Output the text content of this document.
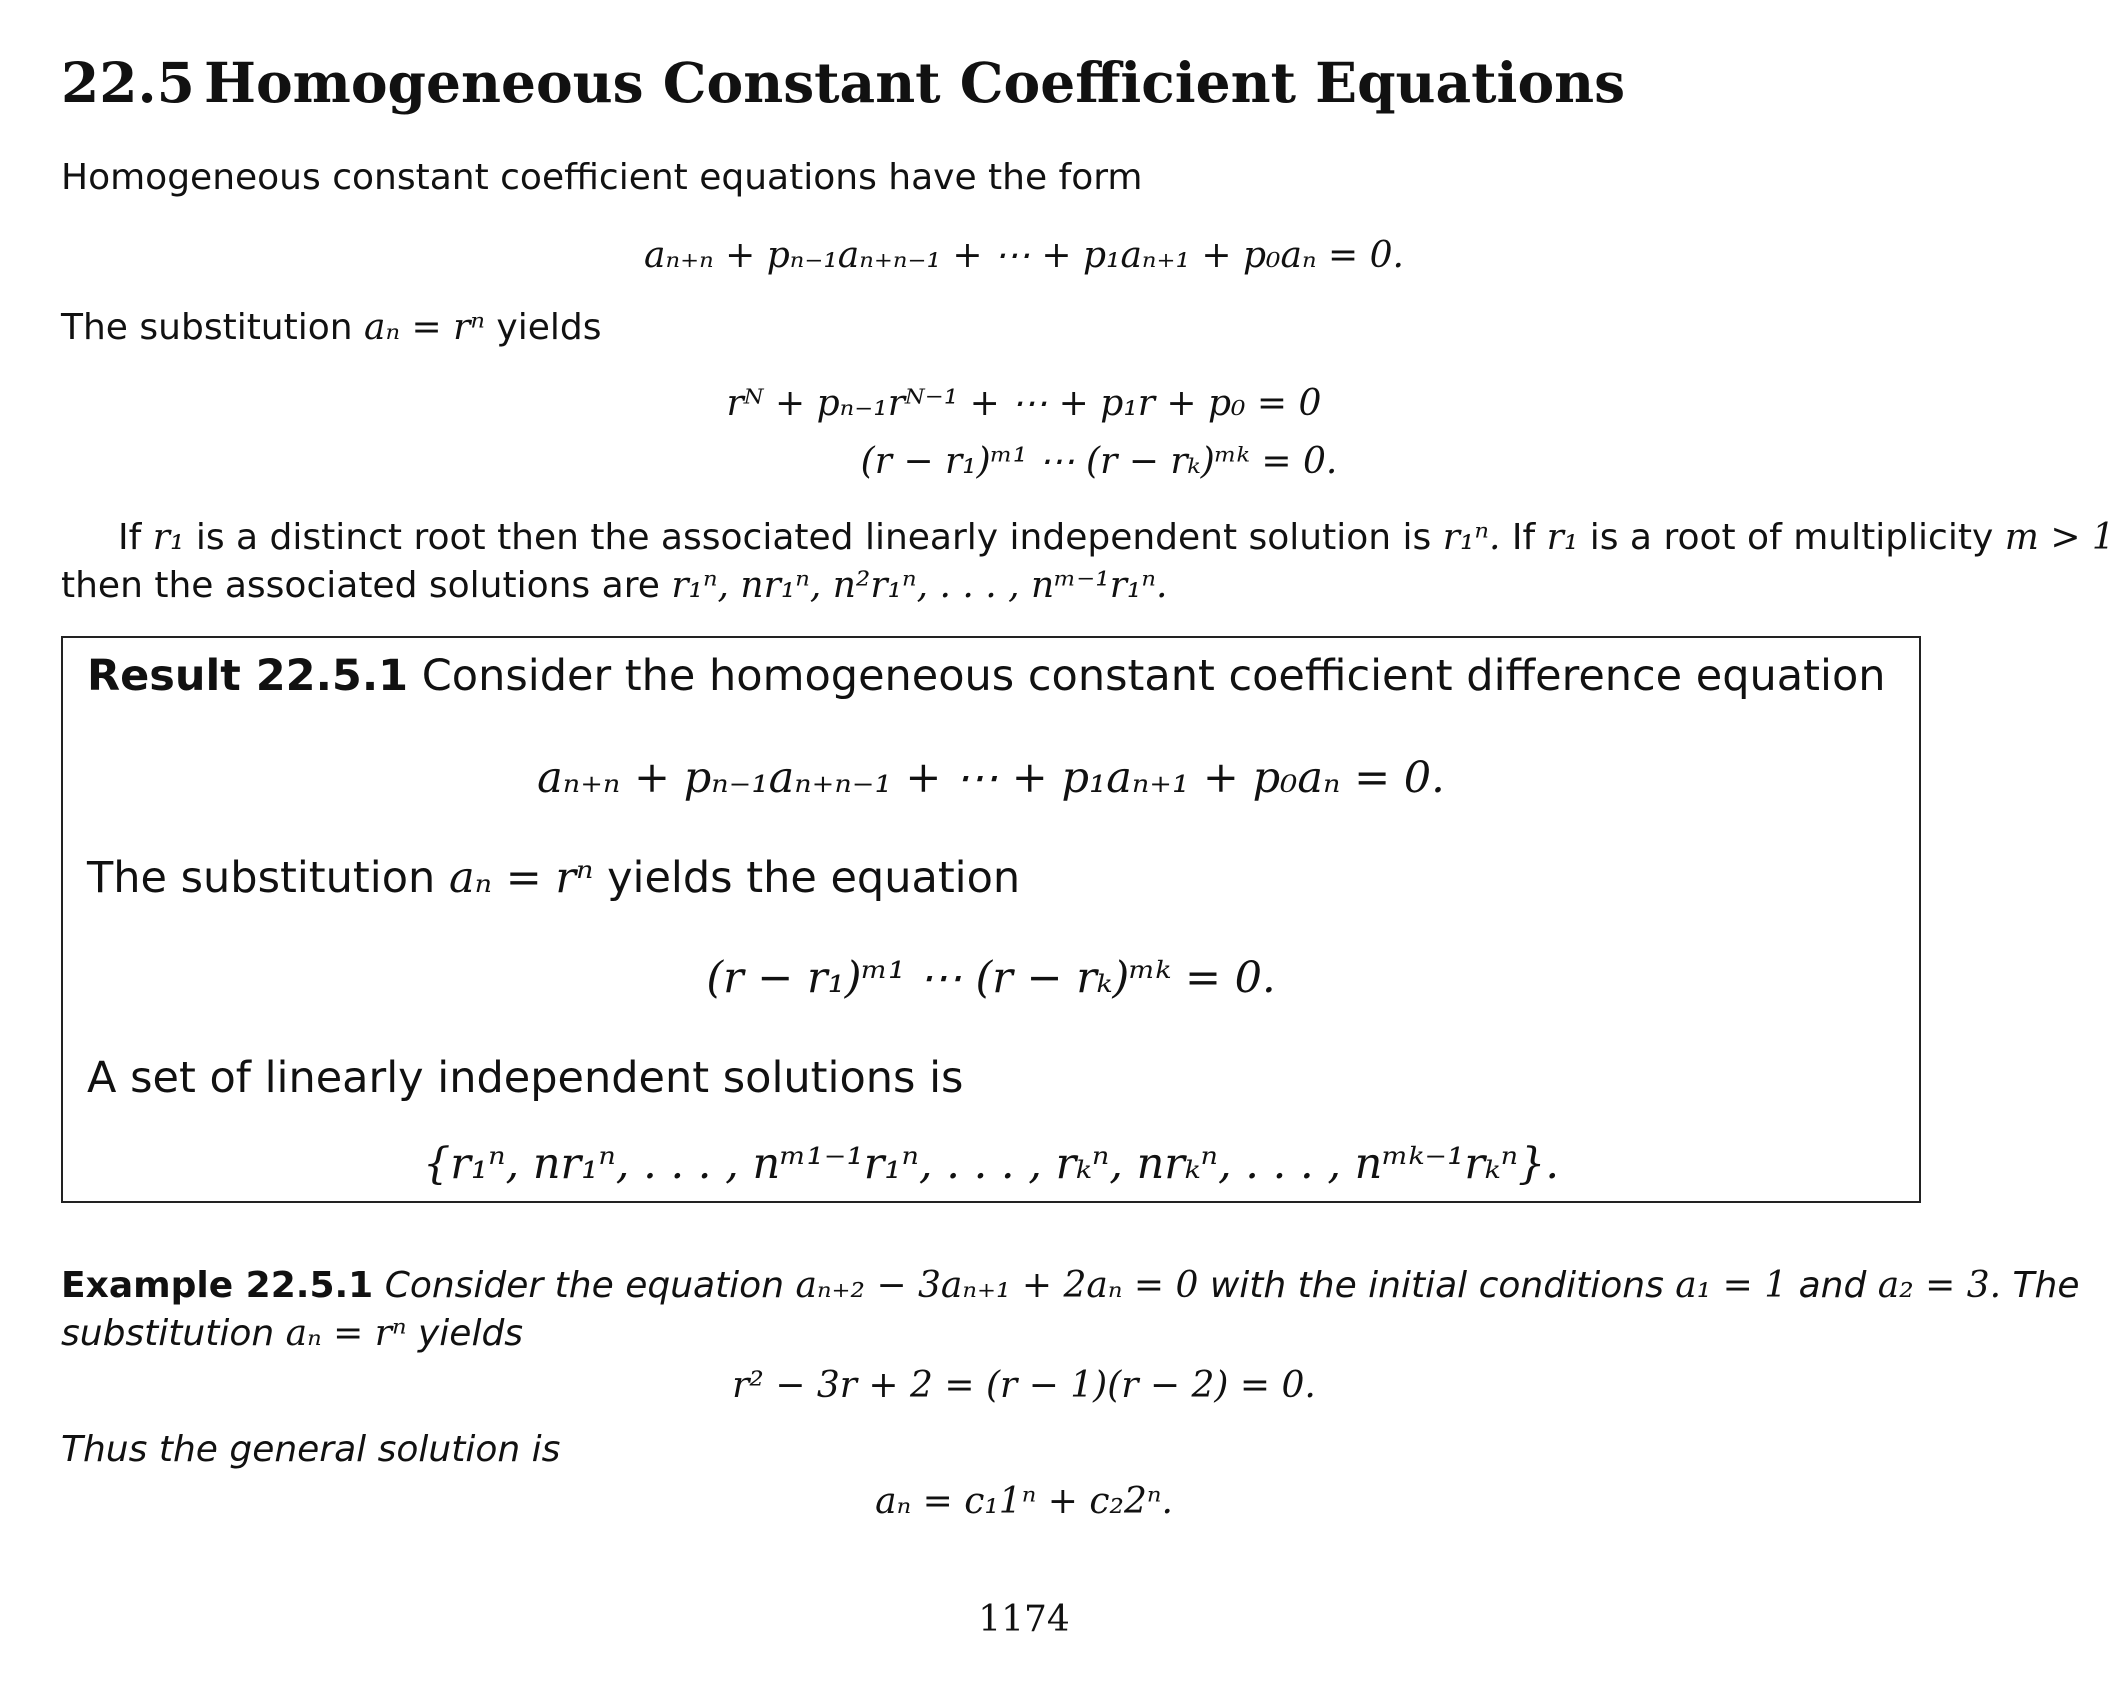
22.5 Homogeneous Constant Coefficient Equations
Homogeneous constant coefficient equations have the form
aₙ₊ₙ + pₙ₋₁aₙ₊ₙ₋₁ + ⋯ + p₁aₙ₊₁ + p₀aₙ = 0.
The substitution aₙ = rⁿ yields
rᴺ + pₙ₋₁rᴺ⁻¹ + ⋯ + p₁r + p₀ = 0
(r − r₁)ᵐ¹ ⋯ (r − rₖ)ᵐᵏ = 0.
If r₁ is a distinct root then the associated linearly independent solution is r₁ⁿ. If r₁ is a root of multiplicity m > 1
then the associated solutions are r₁ⁿ, nr₁ⁿ, n²r₁ⁿ, . . . , nᵐ⁻¹r₁ⁿ.
Result 22.5.1 Consider the homogeneous constant coefficient difference equation
aₙ₊ₙ + pₙ₋₁aₙ₊ₙ₋₁ + ⋯ + p₁aₙ₊₁ + p₀aₙ = 0.
The substitution aₙ = rⁿ yields the equation
(r − r₁)ᵐ¹ ⋯ (r − rₖ)ᵐᵏ = 0.
A set of linearly independent solutions is
{r₁ⁿ, nr₁ⁿ, . . . , nᵐ¹⁻¹r₁ⁿ, . . . , rₖⁿ, nrₖⁿ, . . . , nᵐᵏ⁻¹rₖⁿ}.
Example 22.5.1 Consider the equation aₙ₊₂ − 3aₙ₊₁ + 2aₙ = 0 with the initial conditions a₁ = 1 and a₂ = 3. The
substitution aₙ = rⁿ yields
r² − 3r + 2 = (r − 1)(r − 2) = 0.
Thus the general solution is
aₙ = c₁1ⁿ + c₂2ⁿ.
1174
